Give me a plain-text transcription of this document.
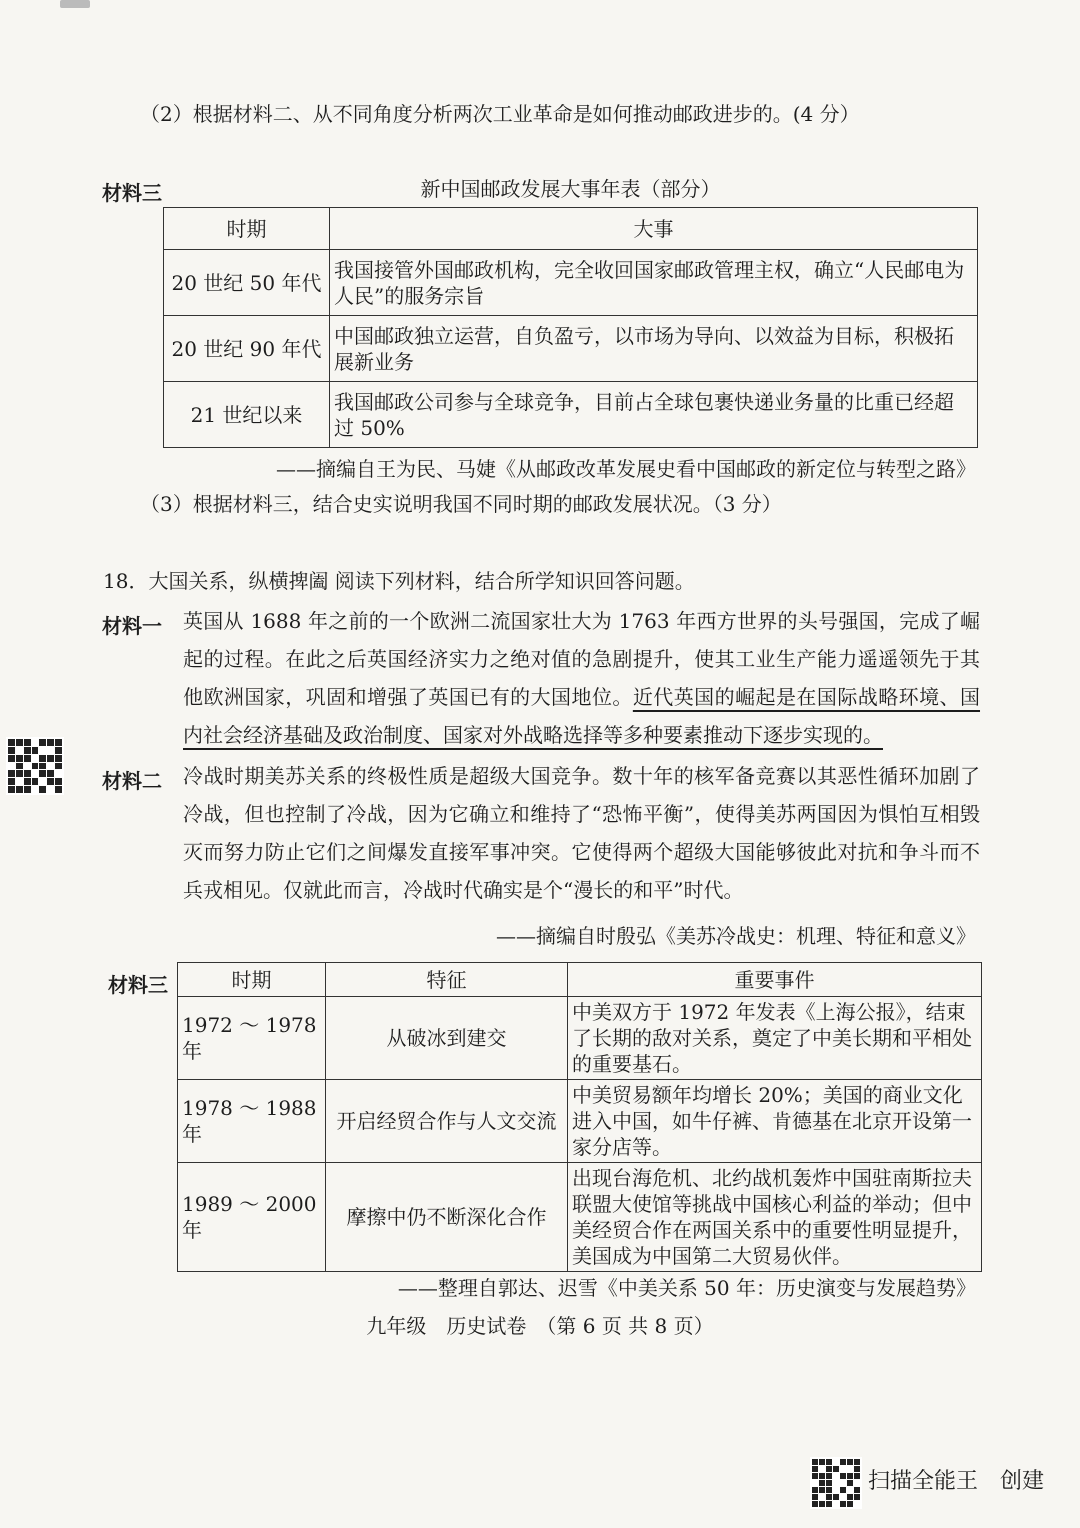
（2）根据材料二、从不同角度分析两次工业革命是如何推动邮政进步的。(4 分）
材料三	新中国邮政发展大事年表（部分）
时期	大事
20 世纪 50 年代	我国接管外国邮政机构，完全收回国家邮政管理主权，确立“人民邮电为人民”的服务宗旨
20 世纪 90 年代	中国邮政独立运营，自负盈亏，以市场为导向、以效益为目标，积极拓展新业务
21 世纪以来	我国邮政公司参与全球竞争，目前占全球包裹快递业务量的比重已经超过 50%
——摘编自王为民、马婕《从邮政改革发展史看中国邮政的新定位与转型之路》
（3）根据材料三，结合史实说明我国不同时期的邮政发展状况。（3 分）
18．大国关系，纵横捭阖 阅读下列材料，结合所学知识回答问题。
材料一 英国从 1688 年之前的一个欧洲二流国家壮大为 1763 年西方世界的头号强国，完成了崛起的过程。在此之后英国经济实力之绝对值的急剧提升，使其工业生产能力遥遥领先于其他欧洲国家，巩固和增强了英国已有的大国地位。近代英国的崛起是在国际战略环境、国内社会经济基础及政治制度、国家对外战略选择等多种要素推动下逐步实现的。
材料二 冷战时期美苏关系的终极性质是超级大国竞争。数十年的核军备竞赛以其恶性循环加剧了冷战，但也控制了冷战，因为它确立和维持了“恐怖平衡”，使得美苏两国因为惧怕互相毁灭而努力防止它们之间爆发直接军事冲突。它使得两个超级大国能够彼此对抗和争斗而不兵戎相见。仅就此而言，冷战时代确实是个“漫长的和平”时代。
——摘编自时殷弘《美苏冷战史：机理、特征和意义》
材料三	时期	特征	重要事件
1972 ～ 1978 年	从破冰到建交	中美双方于 1972 年发表《上海公报》，结束了长期的敌对关系，奠定了中美长期和平相处的重要基石。
1978 ～ 1988 年	开启经贸合作与人文交流	中美贸易额年均增长 20%；美国的商业文化进入中国，如牛仔裤、肯德基在北京开设第一家分店等。
1989 ～ 2000 年	摩擦中仍不断深化合作	出现台海危机、北约战机轰炸中国驻南斯拉夫联盟大使馆等挑战中国核心利益的举动；但中美经贸合作在两国关系中的重要性明显提升，美国成为中国第二大贸易伙伴。
——整理自郭达、迟雪《中美关系 50 年：历史演变与发展趋势》
九年级　历史试卷　（第 6 页 共 8 页）
扫描全能王　创建
